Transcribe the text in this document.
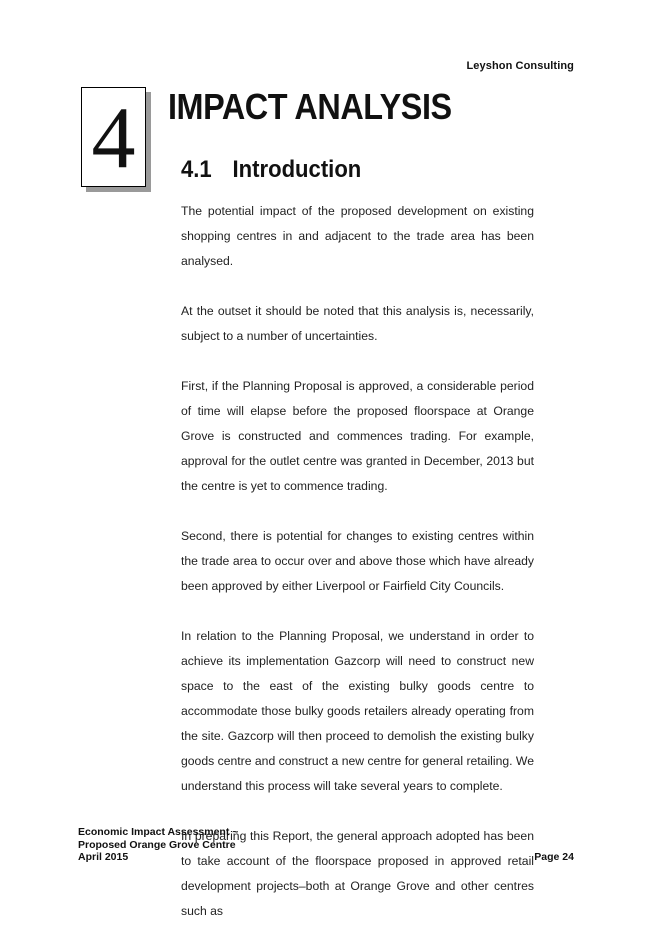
Leyshon Consulting
4 IMPACT ANALYSIS
4.1 Introduction

The potential impact of the proposed development on existing shopping centres in and adjacent to the trade area has been analysed.

At the outset it should be noted that this analysis is, necessarily, subject to a number of uncertainties.

First, if the Planning Proposal is approved, a considerable period of time will elapse before the proposed floorspace at Orange Grove is constructed and commences trading. For example, approval for the outlet centre was granted in December, 2013 but the centre is yet to commence trading.

Second, there is potential for changes to existing centres within the trade area to occur over and above those which have already been approved by either Liverpool or Fairfield City Councils.

In relation to the Planning Proposal, we understand in order to achieve its implementation Gazcorp will need to construct new space to the east of the existing bulky goods centre to accommodate those bulky goods retailers already operating from the site. Gazcorp will then proceed to demolish the existing bulky goods centre and construct a new centre for general retailing. We understand this process will take several years to complete.

In preparing this Report, the general approach adopted has been to take account of the floorspace proposed in approved retail development projects–both at Orange Grove and other centres such as

Economic Impact Assessment ~
Proposed Orange Grove Centre
April 2015	Page 24
